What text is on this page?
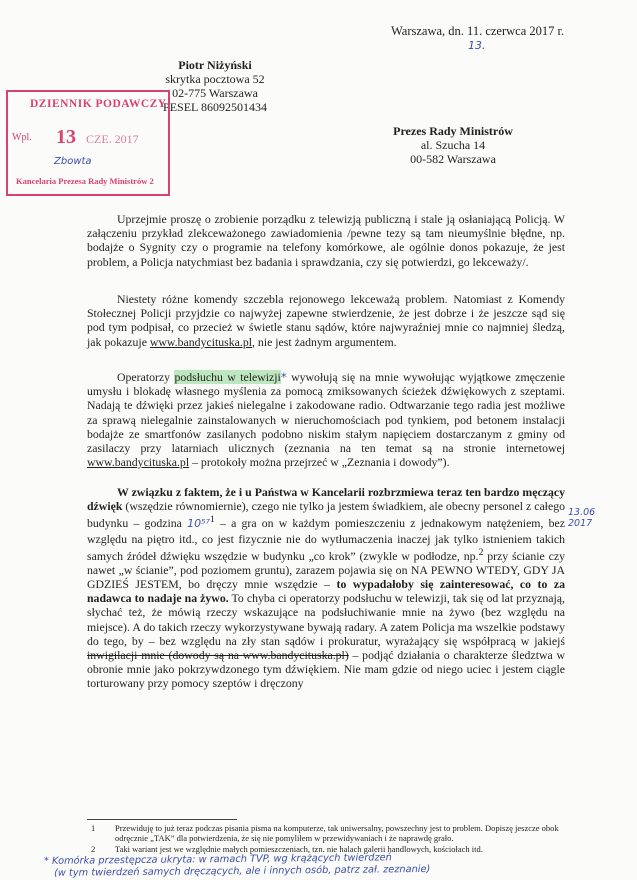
Warszawa, dn. 11. czerwca 2017 r.
13.
Piotr Niżyński
skrytka pocztowa 52
02-775 Warszawa
PESEL 86092501434
DZIENNIK PODAWCZY
Wpl. 13 CZE. 2017
Zbowta
Kancelaria Prezesa Rady Ministrów 2
Prezes Rady Ministrów
al. Szucha 14
00-582 Warszawa
Uprzejmie proszę o zrobienie porządku z telewizją publiczną i stale ją osłaniającą Policją. W załączeniu przykład zlekceważonego zawiadomienia /pewne tezy są tam nieumyślnie błędne, np. bodajże o Sygnity czy o programie na telefony komórkowe, ale ogólnie donos pokazuje, że jest problem, a Policja natychmiast bez badania i sprawdzania, czy się potwierdzi, go lekceważy/.
Niestety różne komendy szczebla rejonowego lekceważą problem. Natomiast z Komendy Stołecznej Policji przyjdzie co najwyżej zapewne stwierdzenie, że jest dobrze i że jeszcze sąd się pod tym podpisał, co przecież w świetle stanu sądów, które najwyraźniej mnie co najmniej śledzą, jak pokazuje www.bandycituska.pl, nie jest żadnym argumentem.
Operatorzy podsłuchu w telewizji* wywołują się na mnie wywołując wyjątkowe zmęczenie umysłu i blokadę własnego myślenia za pomocą zmiksowanych ścieżek dźwiękowych z szeptami. Nadają te dźwięki przez jakieś nielegalne i zakodowane radio. Odtwarzanie tego radia jest możliwe za sprawą nielegalnie zainstalowanych w nieruchomościach pod tynkiem, pod betonem instalacji bodajże ze smartfonów zasilanych podobno niskim stałym napięciem dostarczanym z gminy od zasilaczy przy latarniach ulicznych (zeznania na ten temat są na stronie internetowej www.bandycituska.pl – protokoły można przejrzeć w „Zeznania i dowody”).
W związku z faktem, że i u Państwa w Kancelarii rozbrzmiewa teraz ten bardzo męczący dźwięk (wszędzie równomiernie), czego nie tylko ja jestem świadkiem, ale obecny personel z całego budynku – godzina 10⁵⁷$^1$ – a gra on w każdym pomieszczeniu z jednakowym natężeniem, bez względu na piętro itd., co jest fizycznie nie do wytłumaczenia inaczej jak tylko istnieniem takich samych źródeł dźwięku wszędzie w budynku „co krok” (zwykle w podłodze, np.$^2$ przy ścianie czy nawet „w ścianie”, pod poziomem gruntu), zarazem pojawia się on NA PEWNO WTEDY, GDY JA GDZIEŚ JESTEM, bo dręczy mnie wszędzie – to wypadałoby się zainteresować, co to za nadawca to nadaje na żywo. To chyba ci operatorzy podsłuchu w telewizji, tak się od lat przyznają, słychać też, że mówią rzeczy wskazujące na podsłuchiwanie mnie na żywo (bez względu na miejsce). A do takich rzeczy wykorzystywane bywają radary. A zatem Policja ma wszelkie podstawy do tego, by – bez względu na zły stan sądów i prokuratur, wyrażający się współpracą w jakiejś inwigilacji mnie (dowody są na www.bandycituska.pl) – podjąć działania o charakterze śledztwa w obronie mnie jako pokrzywdzonego tym dźwiękiem. Nie mam gdzie od niego uciec i jestem ciągle torturowany przy pomocy szeptów i dręczony
13.06 2017
1	Przewiduję to już teraz podczas pisania pisma na komputerze, tak uniwersalny, powszechny jest to problem. Dopiszę jeszcze obok odręcznie „TAK” dla potwierdzenia, że się nie pomyliłem w przewidywaniach i że naprawdę grało.
2	Taki wariant jest we względnie małych pomieszczeniach, tzn. nie halach galerii handlowych, kościołach itd.
* Komórka przestępcza ukryta: w ramach TVP, wg krążących twierdzeń
(w tym twierdzeń samych dręczących, ale i innych osób, patrz zał. zeznanie)
